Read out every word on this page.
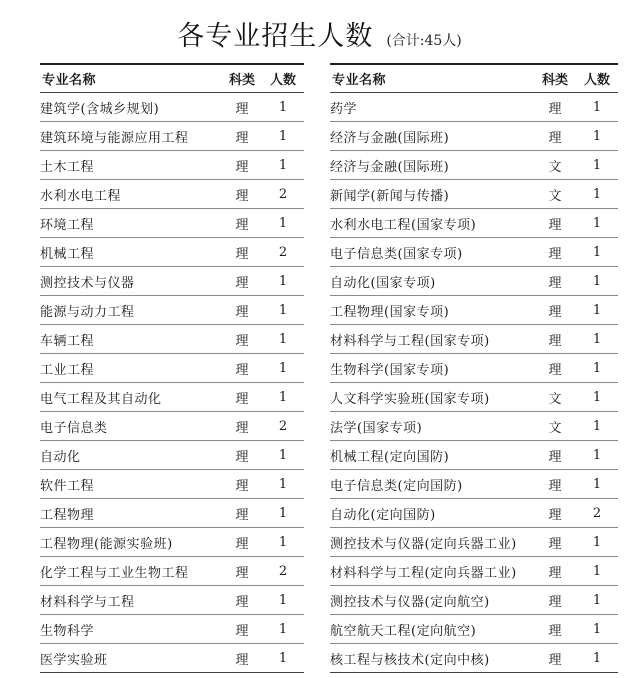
各专业招生人数 (合计:45人)
专业名称	科类	人数
建筑学(含城乡规划)	理	1
建筑环境与能源应用工程	理	1
土木工程	理	1
水利水电工程	理	2
环境工程	理	1
机械工程	理	2
测控技术与仪器	理	1
能源与动力工程	理	1
车辆工程	理	1
工业工程	理	1
电气工程及其自动化	理	1
电子信息类	理	2
自动化	理	1
软件工程	理	1
工程物理	理	1
工程物理(能源实验班)	理	1
化学工程与工业生物工程	理	2
材料科学与工程	理	1
生物科学	理	1
医学实验班	理	1
专业名称	科类	人数
药学	理	1
经济与金融(国际班)	理	1
经济与金融(国际班)	文	1
新闻学(新闻与传播)	文	1
水利水电工程(国家专项)	理	1
电子信息类(国家专项)	理	1
自动化(国家专项)	理	1
工程物理(国家专项)	理	1
材料科学与工程(国家专项)	理	1
生物科学(国家专项)	理	1
人文科学实验班(国家专项)	文	1
法学(国家专项)	文	1
机械工程(定向国防)	理	1
电子信息类(定向国防)	理	1
自动化(定向国防)	理	2
测控技术与仪器(定向兵器工业)	理	1
材料科学与工程(定向兵器工业)	理	1
测控技术与仪器(定向航空)	理	1
航空航天工程(定向航空)	理	1
核工程与核技术(定向中核)	理	1
